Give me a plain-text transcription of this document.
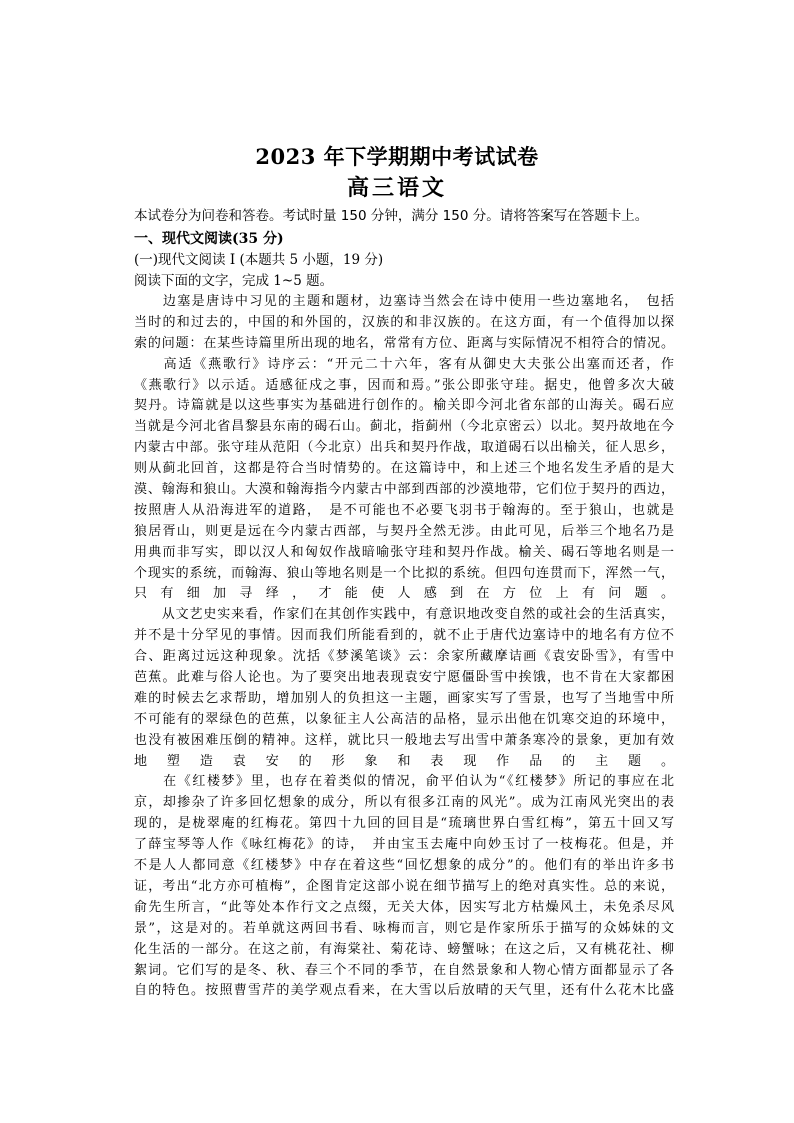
2023 年下学期期中考试试卷
高三语文

本试卷分为问卷和答卷。考试时量 150 分钟，满分 150 分。请将答案写在答题卡上。

一、现代文阅读(35 分)

(一)现代文阅读 I (本题共 5 小题，19 分)

阅读下面的文字，完成 1~5 题。

　　边塞是唐诗中习见的主题和题材，边塞诗当然会在诗中使用一些边塞地名，　包括
当时的和过去的，中国的和外国的，汉族的和非汉族的。在这方面，有一个值得加以探
索的问题：在某些诗篇里所出现的地名，常常有方位、距离与实际情况不相符合的情况。
　　高适《燕歌行》诗序云：“开元二十六年，客有从御史大夫张公出塞而还者，作
《燕歌行》以示适。适感征戍之事，因而和焉。”张公即张守珪。据史，他曾多次大破
契丹。诗篇就是以这些事实为基础进行创作的。榆关即今河北省东部的山海关。碣石应
当就是今河北省昌黎县东南的碣石山。蓟北，指蓟州（今北京密云）以北。契丹故地在今
内蒙古中部。张守珪从范阳（今北京）出兵和契丹作战，取道碣石以出榆关，征人思乡，
则从蓟北回首，这都是符合当时情势的。在这篇诗中，和上述三个地名发生矛盾的是大
漠、翰海和狼山。大漠和翰海指今内蒙古中部到西部的沙漠地带，它们位于契丹的西边，
按照唐人从沿海进军的道路，　是不可能也不必要飞羽书于翰海的。至于狼山，也就是
狼居胥山，则更是远在今内蒙古西部，与契丹全然无涉。由此可见，后举三个地名乃是
用典而非写实，即以汉人和匈奴作战暗喻张守珪和契丹作战。榆关、碣石等地名则是一
个现实的系统，而翰海、狼山等地名则是一个比拟的系统。但四句连贯而下，浑然一气，
只有细加寻绎，才能使人感到在方位上有问题。
　　从文艺史实来看，作家们在其创作实践中，有意识地改变自然的或社会的生活真实，
并不是十分罕见的事情。因而我们所能看到的，就不止于唐代边塞诗中的地名有方位不
合、距离过远这种现象。沈括《梦溪笔谈》云：余家所藏摩诘画《袁安卧雪》，有雪中
芭蕉。此难与俗人论也。为了要突出地表现袁安宁愿僵卧雪中挨饿，也不肯在大家都困
难的时候去乞求帮助，增加别人的负担这一主题，画家实写了雪景，也写了当地雪中所
不可能有的翠绿色的芭蕉，以象征主人公高洁的品格，显示出他在饥寒交迫的环境中，
也没有被困难压倒的精神。这样，就比只一般地去写出雪中萧条寒冷的景象，更加有效
地塑造袁安的形象和表现作品的主题。
　　在《红楼梦》里，也存在着类似的情况，俞平伯认为“《红楼梦》所记的事应在北
京，却掺杂了许多回忆想象的成分，所以有很多江南的风光”。成为江南风光突出的表
现的，是栊翠庵的红梅花。第四十九回的回目是“琉璃世界白雪红梅”，第五十回又写
了薛宝琴等人作《咏红梅花》的诗，　并由宝玉去庵中向妙玉讨了一枝梅花。但是，并
不是人人都同意《红楼梦》中存在着这些“回忆想象的成分”的。他们有的举出许多书
证，考出“北方亦可植梅”，企图肯定这部小说在细节描写上的绝对真实性。总的来说，
俞先生所言，“此等处本作行文之点缀，无关大体，因实写北方枯燥风土，未免杀尽风
景”，这是对的。若单就这两回书看、咏梅而言，则它是作家所乐于描写的众姊妹的文
化生活的一部分。在这之前，有海棠社、菊花诗、螃蟹咏；在这之后，又有桃花社、柳
絮词。它们写的是冬、秋、春三个不同的季节，在自然景象和人物心情方面都显示了各
自的特色。按照曹雪芹的美学观点看来，在大雪以后放晴的天气里，还有什么花木比盛
